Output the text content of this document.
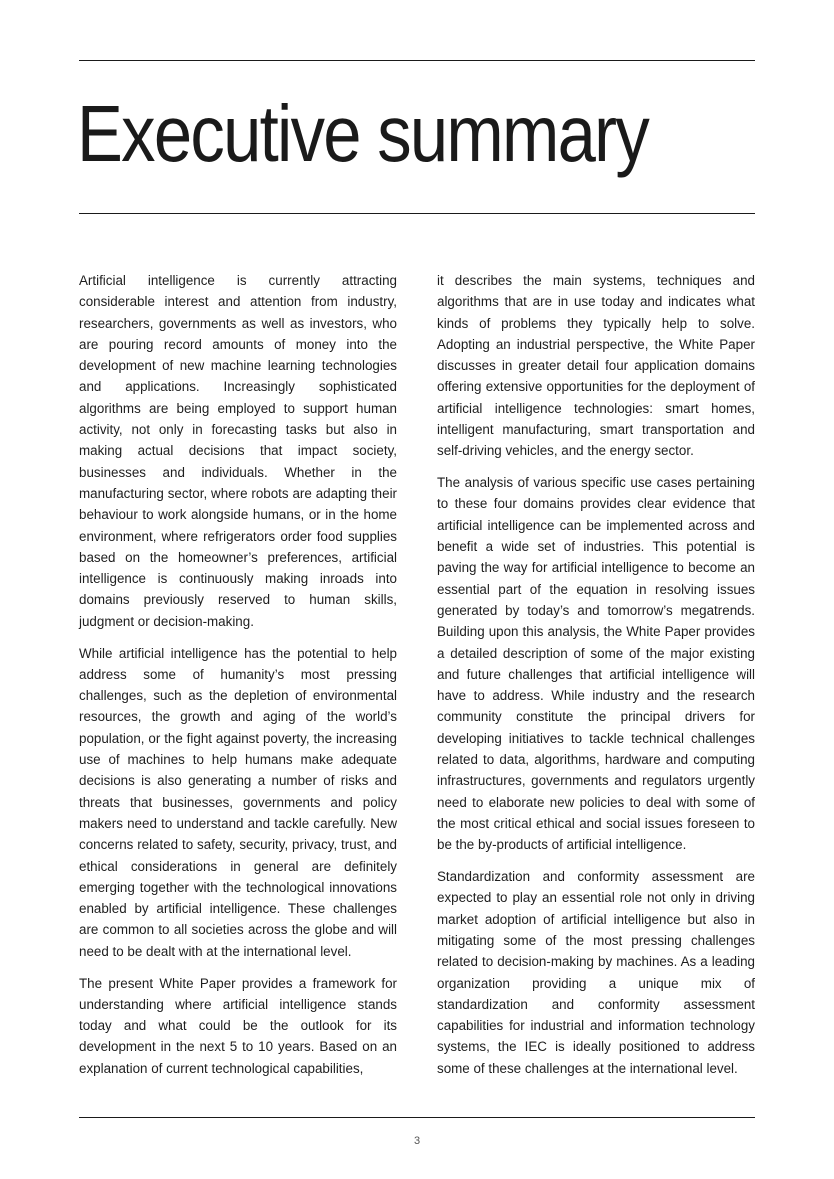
Executive summary

Artificial intelligence is currently attracting considerable interest and attention from industry, researchers, governments as well as investors, who are pouring record amounts of money into the development of new machine learning technologies and applications. Increasingly sophisticated algorithms are being employed to support human activity, not only in forecasting tasks but also in making actual decisions that impact society, businesses and individuals. Whether in the manufacturing sector, where robots are adapting their behaviour to work alongside humans, or in the home environment, where refrigerators order food supplies based on the homeowner’s preferences, artificial intelligence is continuously making inroads into domains previously reserved to human skills, judgment or decision-making.

While artificial intelligence has the potential to help address some of humanity’s most pressing challenges, such as the depletion of environmental resources, the growth and aging of the world’s population, or the fight against poverty, the increasing use of machines to help humans make adequate decisions is also generating a number of risks and threats that businesses, governments and policy makers need to understand and tackle carefully. New concerns related to safety, security, privacy, trust, and ethical considerations in general are definitely emerging together with the technological innovations enabled by artificial intelligence. These challenges are common to all societies across the globe and will need to be dealt with at the international level.

The present White Paper provides a framework for understanding where artificial intelligence stands today and what could be the outlook for its development in the next 5 to 10 years. Based on an explanation of current technological capabilities,

it describes the main systems, techniques and algorithms that are in use today and indicates what kinds of problems they typically help to solve. Adopting an industrial perspective, the White Paper discusses in greater detail four application domains offering extensive opportunities for the deployment of artificial intelligence technologies: smart homes, intelligent manufacturing, smart transportation and self-driving vehicles, and the energy sector.

The analysis of various specific use cases pertaining to these four domains provides clear evidence that artificial intelligence can be implemented across and benefit a wide set of industries. This potential is paving the way for artificial intelligence to become an essential part of the equation in resolving issues generated by today’s and tomorrow’s megatrends. Building upon this analysis, the White Paper provides a detailed description of some of the major existing and future challenges that artificial intelligence will have to address. While industry and the research community constitute the principal drivers for developing initiatives to tackle technical challenges related to data, algorithms, hardware and computing infrastructures, governments and regulators urgently need to elaborate new policies to deal with some of the most critical ethical and social issues foreseen to be the by-products of artificial intelligence.

Standardization and conformity assessment are expected to play an essential role not only in driving market adoption of artificial intelligence but also in mitigating some of the most pressing challenges related to decision-making by machines. As a leading organization providing a unique mix of standardization and conformity assessment capabilities for industrial and information technology systems, the IEC is ideally positioned to address some of these challenges at the international level.

3
